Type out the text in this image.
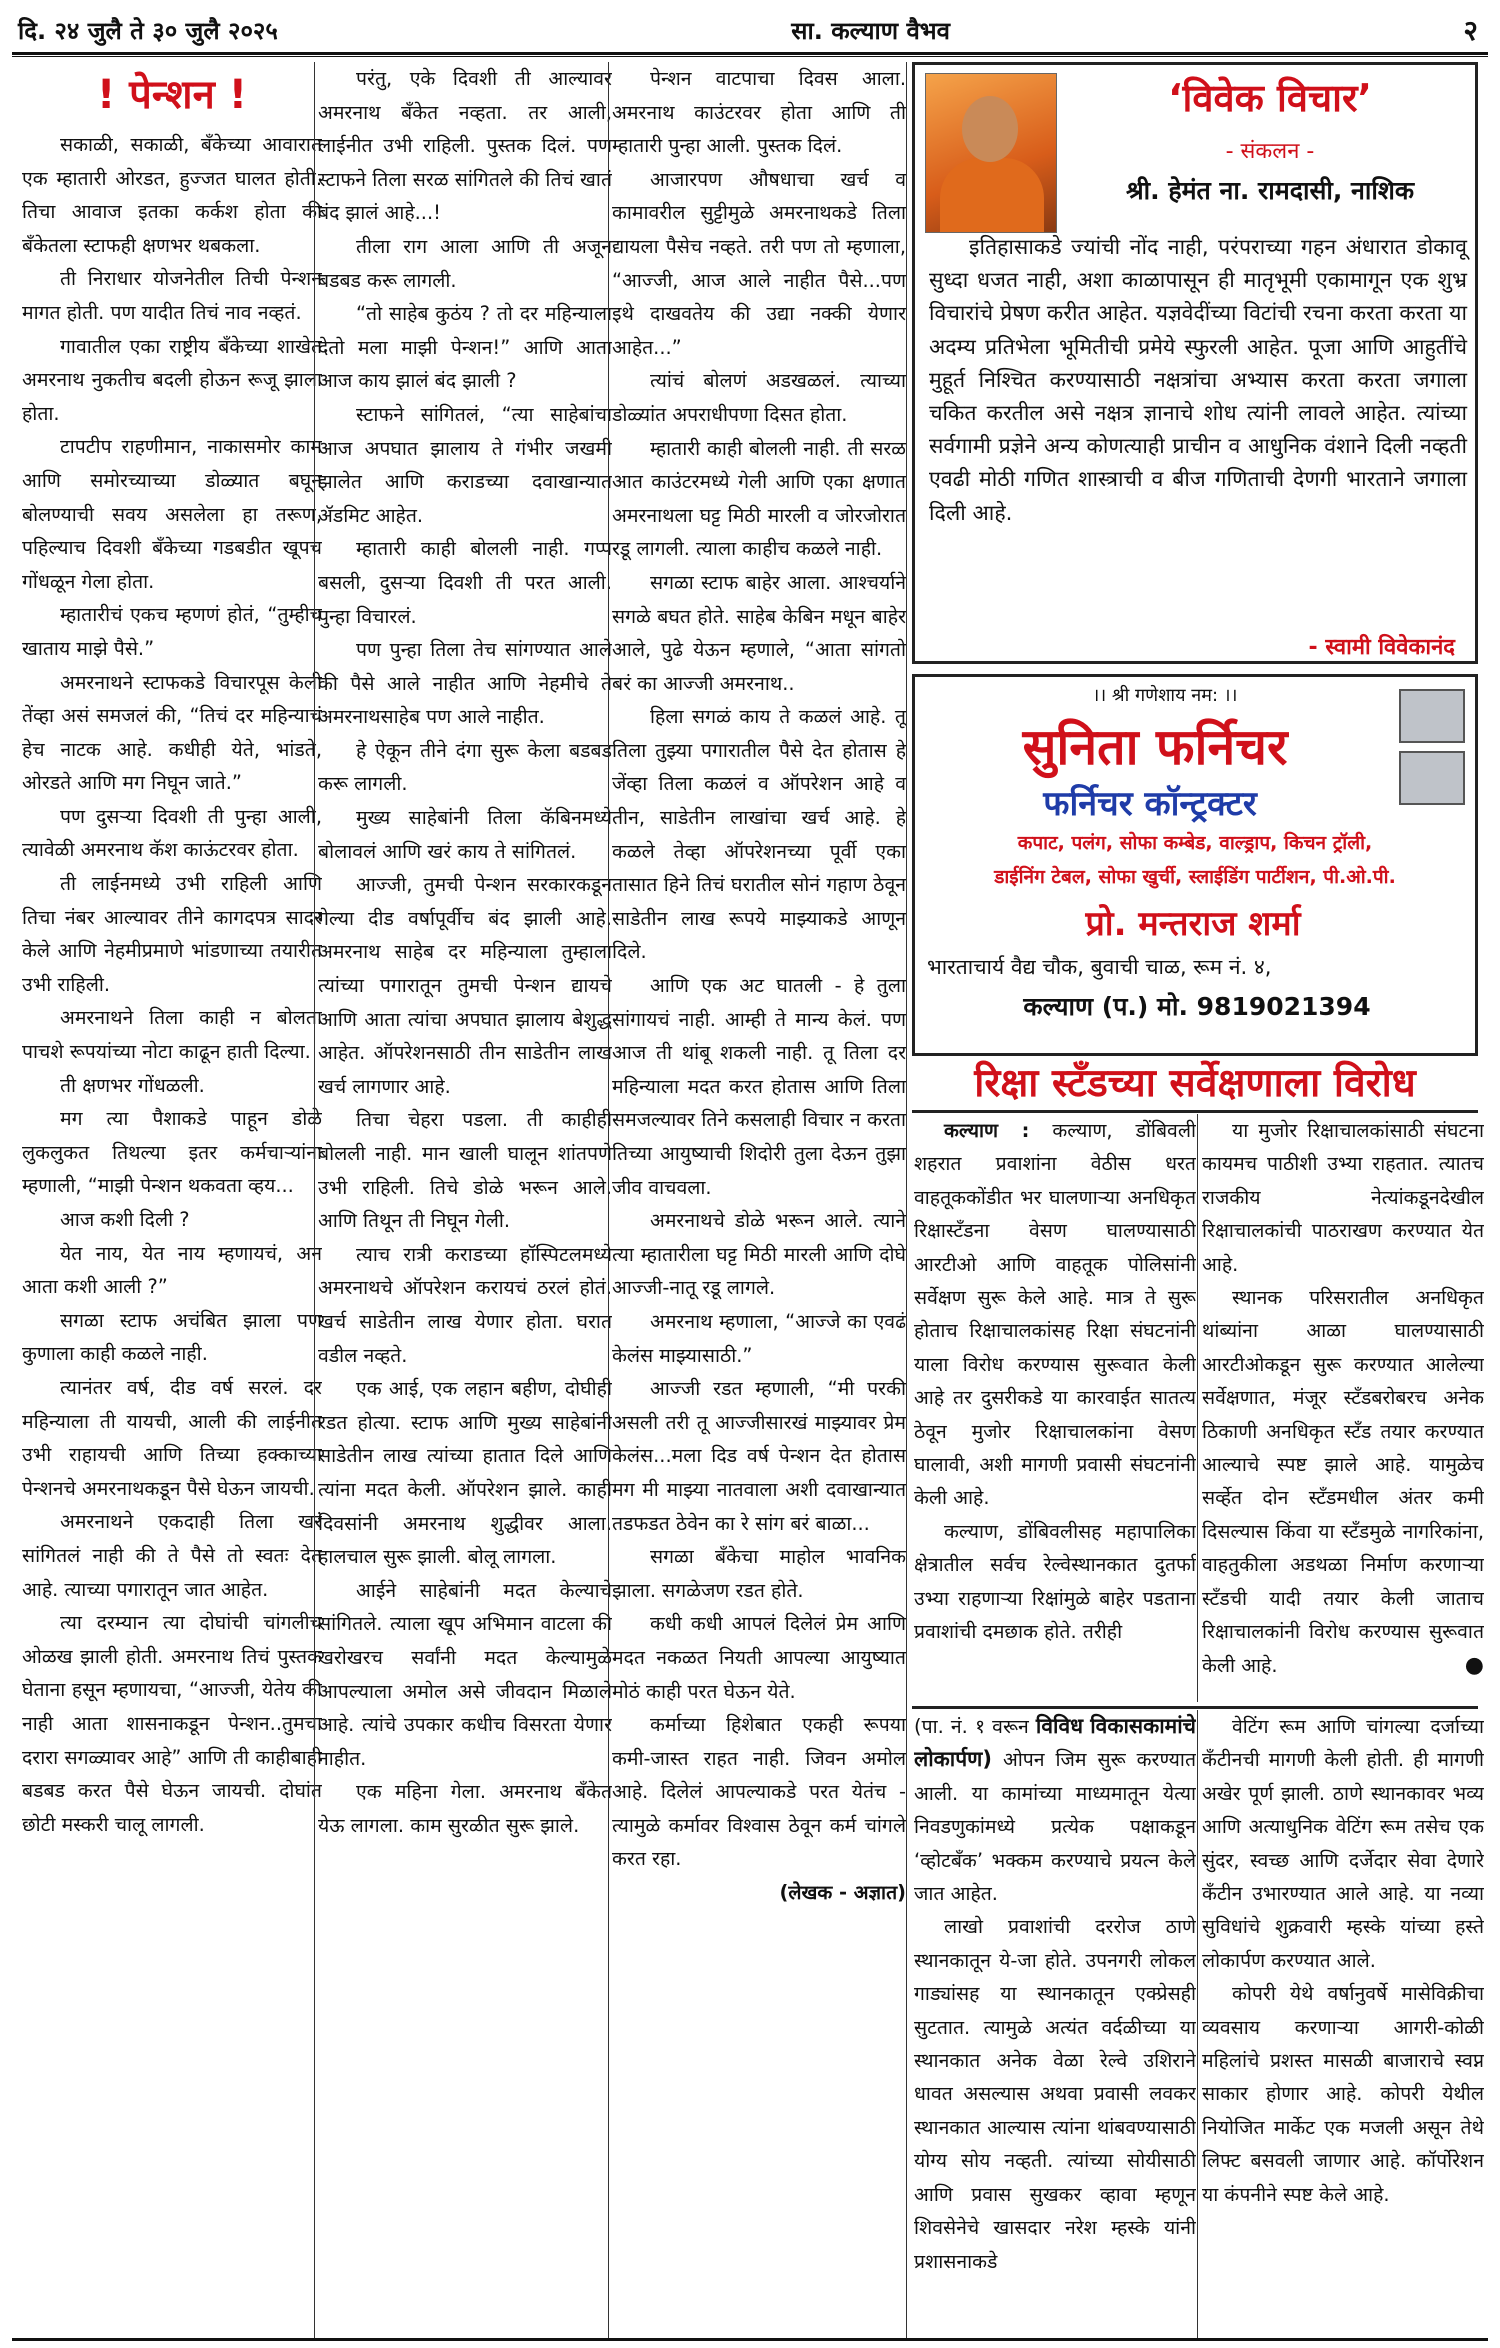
दि. २४ जुलै ते ३० जुलै २०२५	सा. कल्याण वैभव	२

! पेन्शन !

सकाळी, सकाळी, बँकेच्या आवारात एक म्हातारी ओरडत, हुज्जत घालत होती. तिचा आवाज इतका कर्कश होता की बँकेतला स्टाफही क्षणभर थबकला.

ती निराधार योजनेतील तिची पेन्शन मागत होती. पण यादीत तिचं नाव नव्हतं.

गावातील एका राष्ट्रीय बँकेच्या शाखेत अमरनाथ नुकतीच बदली होऊन रूजू झाला होता.

टापटीप राहणीमान, नाकासमोर काम आणि समोरच्याच्या डोळ्यात बघून बोलण्याची सवय असलेला हा तरूण, पहिल्याच दिवशी बँकेच्या गडबडीत खूपच गोंधळून गेला होता.

म्हातारीचं एकच म्हणणं होतं, “तुम्हीच खाताय माझे पैसे.”

अमरनाथने स्टाफकडे विचारपूस केली तेंव्हा असं समजलं की, “तिचं दर महिन्याचं हेच नाटक आहे. कधीही येते, भांडते, ओरडते आणि मग निघून जाते.”

पण दुसऱ्या दिवशी ती पुन्हा आली, त्यावेळी अमरनाथ कॅश काऊंटरवर होता.

ती लाईनमध्ये उभी राहिली आणि तिचा नंबर आल्यावर तीने कागदपत्र सादर केले आणि नेहमीप्रमाणे भांडणाच्या तयारीत उभी राहिली.

अमरनाथने तिला काही न बोलता पाचशे रूपयांच्या नोटा काढून हाती दिल्या.

ती क्षणभर गोंधळली.

मग त्या पैशाकडे पाहून डोळे लुकलुकत तिथल्या इतर कर्मचाऱ्यांना म्हणाली, “माझी पेन्शन थकवता व्हय...

आज कशी दिली ?

येत नाय, येत नाय म्हणायचं, अन आता कशी आली ?”

सगळा स्टाफ अचंबित झाला पण कुणाला काही कळले नाही.

त्यानंतर वर्ष, दीड वर्ष सरलं. दर महिन्याला ती यायची, आली की लाईनीत उभी राहायची आणि तिच्या हक्काच्या पेन्शनचे अमरनाथकडून पैसे घेऊन जायची.

अमरनाथने एकदाही तिला खरं सांगितलं नाही की ते पैसे तो स्वतः देत आहे. त्याच्या पगारातून जात आहेत.

त्या दरम्यान त्या दोघांची चांगलीच ओळख झाली होती. अमरनाथ तिचं पुस्तक घेताना हसून म्हणायचा, “आज्जी, येतेय की नाही आता शासनाकडून पेन्शन..तुमचा दरारा सगळ्यावर आहे” आणि ती काहीबाही बडबड करत पैसे घेऊन जायची. दोघांत छोटी मस्करी चालू लागली.

परंतु, एके दिवशी ती आल्यावर अमरनाथ बँकेत नव्हता. तर आली, लाईनीत उभी राहिली. पुस्तक दिलं. पण स्टाफने तिला सरळ सांगितले की तिचं खातं बंद झालं आहे...!

तीला राग आला आणि ती अजून बडबड करू लागली.

“तो साहेब कुठंय ? तो दर महिन्याला देतो मला माझी पेन्शन!” आणि आता आज काय झालं बंद झाली ?

स्टाफने सांगितलं, “त्या साहेबांचा आज अपघात झालाय ते गंभीर जखमी झालेत आणि कराडच्या दवाखान्यात ॲडमिट आहेत.

म्हातारी काही बोलली नाही. गप्प बसली, दुसऱ्या दिवशी ती परत आली. पुन्हा विचारलं.

पण पुन्हा तिला तेच सांगण्यात आले की पैसे आले नाहीत आणि नेहमीचे ते अमरनाथसाहेब पण आले नाहीत.

हे ऐकून तीने दंगा सुरू केला बडबड करू लागली.

मुख्य साहेबांनी तिला कॅबिनमध्ये बोलावलं आणि खरं काय ते सांगितलं.

आज्जी, तुमची पेन्शन सरकारकडून गेल्या दीड वर्षापूर्वीच बंद झाली आहे. अमरनाथ साहेब दर महिन्याला तुम्हाला त्यांच्या पगारातून तुमची पेन्शन द्यायचे आणि आता त्यांचा अपघात झालाय बेशुद्ध आहेत. ऑपरेशनसाठी तीन साडेतीन लाख खर्च लागणार आहे.

तिचा चेहरा पडला. ती काहीही बोलली नाही. मान खाली घालून शांतपणे उभी राहिली. तिचे डोळे भरून आले. आणि तिथून ती निघून गेली.

त्याच रात्री कराडच्या हॉस्पिटलमध्ये अमरनाथचे ऑपरेशन करायचं ठरलं होतं. खर्च साडेतीन लाख येणार होता. घरात वडील नव्हते.

एक आई, एक लहान बहीण, दोघीही रडत होत्या. स्टाफ आणि मुख्य साहेबांनी साडेतीन लाख त्यांच्या हातात दिले आणि त्यांना मदत केली. ऑपरेशन झाले. काही दिवसांनी अमरनाथ शुद्धीवर आला. हालचाल सुरू झाली. बोलू लागला.

आईने साहेबांनी मदत केल्याचे सांगितले. त्याला खूप अभिमान वाटला की खरोखरच सर्वांनी मदत केल्यामुळे आपल्याला अमोल असे जीवदान मिळाले आहे. त्यांचे उपकार कधीच विसरता येणार नाहीत.

एक महिना गेला. अमरनाथ बँकेत येऊ लागला. काम सुरळीत सुरू झाले.

पेन्शन वाटपाचा दिवस आला. अमरनाथ काउंटरवर होता आणि ती म्हातारी पुन्हा आली. पुस्तक दिलं.

आजारपण औषधाचा खर्च व कामावरील सुट्टीमुळे अमरनाथकडे तिला द्यायला पैसेच नव्हते. तरी पण तो म्हणाला, “आज्जी, आज आले नाहीत पैसे...पण इथे दाखवतेय की उद्या नक्की येणार आहेत...”

त्यांचं बोलणं अडखळलं. त्याच्या डोळ्यांत अपराधीपणा दिसत होता.

म्हातारी काही बोलली नाही. ती सरळ आत काउंटरमध्ये गेली आणि एका क्षणात अमरनाथला घट्ट मिठी मारली व जोरजोरात रडू लागली. त्याला काहीच कळले नाही.

सगळा स्टाफ बाहेर आला. आश्चर्याने सगळे बघत होते. साहेब केबिन मधून बाहेर आले, पुढे येऊन म्हणाले, “आता सांगतो बरं का आज्जी अमरनाथ..

हिला सगळं काय ते कळलं आहे. तू तिला तुझ्या पगारातील पैसे देत होतास हे जेंव्हा तिला कळलं व ऑपरेशन आहे व तीन, साडेतीन लाखांचा खर्च आहे. हे कळले तेव्हा ऑपरेशनच्या पूर्वी एका तासात हिने तिचं घरातील सोनं गहाण ठेवून साडेतीन लाख रूपये माझ्याकडे आणून दिले.

आणि एक अट घातली - हे तुला सांगायचं नाही. आम्ही ते मान्य केलं. पण आज ती थांबू शकली नाही. तू तिला दर महिन्याला मदत करत होतास आणि तिला समजल्यावर तिने कसलाही विचार न करता तिच्या आयुष्याची शिदोरी तुला देऊन तुझा जीव वाचवला.

अमरनाथचे डोळे भरून आले. त्याने त्या म्हातारीला घट्ट मिठी मारली आणि दोघे आज्जी-नातू रडू लागले.

अमरनाथ म्हणाला, “आज्जे का एवढं केलंस माझ्यासाठी.”

आज्जी रडत म्हणाली, “मी परकी असली तरी तू आज्जीसारखं माझ्यावर प्रेम केलंस...मला दिड वर्ष पेन्शन देत होतास मग मी माझ्या नातवाला अशी दवाखान्यात तडफडत ठेवेन का रे सांग बरं बाळा...

सगळा बँकेचा माहोल भावनिक झाला. सगळेजण रडत होते.

कधी कधी आपलं दिलेलं प्रेम आणि मदत नकळत नियती आपल्या आयुष्यात मोठं काही परत घेऊन येते.

कर्माच्या हिशेबात एकही रूपया कमी-जास्त राहत नाही. जिवन अमोल आहे. दिलेलं आपल्याकडे परत येतंच - त्यामुळे कर्मावर विश्वास ठेवून कर्म चांगले करत रहा.

(लेखक - अज्ञात)

‘विवेक विचार’
- संकलन -
श्री. हेमंत ना. रामदासी, नाशिक
इतिहासाकडे ज्यांची नोंद नाही, परंपराच्या गहन अंधारात डोकावू सुध्दा धजत नाही, अशा काळापासून ही मातृभूमी एकामागून एक शुभ्र विचारांचे प्रेषण करीत आहेत. यज्ञवेदींच्या विटांची रचना करता करता या अदम्य प्रतिभेला भूमितीची प्रमेये स्फुरली आहेत. पूजा आणि आहुतींचे मुहूर्त निश्चित करण्यासाठी नक्षत्रांचा अभ्यास करता करता जगाला चकित करतील असे नक्षत्र ज्ञानाचे शोध त्यांनी लावले आहेत. त्यांच्या सर्वगामी प्रज्ञेने अन्य कोणत्याही प्राचीन व आधुनिक वंशाने दिली नव्हती एवढी मोठी गणित शास्त्राची व बीज गणिताची देणगी भारताने जगाला दिली आहे.
- स्वामी विवेकानंद
।। श्री गणेशाय नम: ।।
सुनिता फर्निचर
फर्निचर कॉन्ट्रक्टर
कपाट, पलंग, सोफा कम्बेड, वाल्ड्राप, किचन ट्रॉली,
डाईनिंग टेबल, सोफा खुर्ची, स्लाईडिंग पार्टीशन, पी.ओ.पी.
प्रो. मन्तराज शर्मा
भारताचार्य वैद्य चौक, बुवाची चाळ, रूम नं. ४,
कल्याण (प.) मो. 9819021394
रिक्षा स्टँडच्या सर्वेक्षणाला विरोध

कल्याण : कल्याण, डोंबिवली शहरात प्रवाशांना वेठीस धरत वाहतूककोंडीत भर घालणाऱ्या अनधिकृत रिक्षास्टँडना वेसण घालण्यासाठी आरटीओ आणि वाहतूक पोलिसांनी सर्वेक्षण सुरू केले आहे. मात्र ते सुरू होताच रिक्षाचालकांसह रिक्षा संघटनांनी याला विरोध करण्यास सुरूवात केली आहे तर दुसरीकडे या कारवाईत सातत्य ठेवून मुजोर रिक्षाचालकांना वेसण घालावी, अशी मागणी प्रवासी संघटनांनी केली आहे.

कल्याण, डोंबिवलीसह महापालिका क्षेत्रातील सर्वच रेल्वेस्थानकात दुतर्फा उभ्या राहणाऱ्या रिक्षांमुळे बाहेर पडताना प्रवाशांची दमछाक होते. तरीही

या मुजोर रिक्षाचालकांसाठी संघटना कायमच पाठीशी उभ्या राहतात. त्यातच राजकीय नेत्यांकडूनदेखील रिक्षाचालकांची पाठराखण करण्यात येत आहे.

स्थानक परिसरातील अनधिकृत थांब्यांना आळा घालण्यासाठी आरटीओकडून सुरू करण्यात आलेल्या सर्वेक्षणात, मंजूर स्टँडबरोबरच अनेक ठिकाणी अनधिकृत स्टँड तयार करण्यात आल्याचे स्पष्ट झाले आहे. यामुळेच सर्व्हेत दोन स्टँडमधील अंतर कमी दिसल्यास किंवा या स्टँडमुळे नागरिकांना, वाहतुकीला अडथळा निर्माण करणाऱ्या स्टँडची यादी तयार केली जाताच रिक्षाचालकांनी विरोध करण्यास सुरूवात केली आहे.	●

(पा. नं. १ वरून विविध विकासकामांचे लोकार्पण) ओपन जिम सुरू करण्यात आली. या कामांच्या माध्यमातून येत्या निवडणुकांमध्ये प्रत्येक पक्षाकडून ‘व्होटबँक’ भक्कम करण्याचे प्रयत्न केले जात आहेत.

लाखो प्रवाशांची दररोज ठाणे स्थानकातून ये-जा होते. उपनगरी लोकल गाड्यांसह या स्थानकातून एक्प्रेसही सुटतात. त्यामुळे अत्यंत वर्दळीच्या या स्थानकात अनेक वेळा रेल्वे उशिराने धावत असल्यास अथवा प्रवासी लवकर स्थानकात आल्यास त्यांना थांबवण्यासाठी योग्य सोय नव्हती. त्यांच्या सोयीसाठी आणि प्रवास सुखकर व्हावा म्हणून शिवसेनेचे खासदार नरेश म्हस्के यांनी प्रशासनाकडे

वेटिंग रूम आणि चांगल्या दर्जाच्या कँटीनची मागणी केली होती. ही मागणी अखेर पूर्ण झाली. ठाणे स्थानकावर भव्य आणि अत्याधुनिक वेटिंग रूम तसेच एक सुंदर, स्वच्छ आणि दर्जेदार सेवा देणारे कँटीन उभारण्यात आले आहे. या नव्या सुविधांचे शुक्रवारी म्हस्के यांच्या हस्ते लोकार्पण करण्यात आले.

कोपरी येथे वर्षानुवर्षे मासेविक्रीचा व्यवसाय करणाऱ्या आगरी-कोळी महिलांचे प्रशस्त मासळी बाजाराचे स्वप्न साकार होणार आहे. कोपरी येथील नियोजित मार्केट एक मजली असून तेथे लिफ्ट बसवली जाणार आहे. कॉर्पोरेशन या कंपनीने स्पष्ट केले आहे.
